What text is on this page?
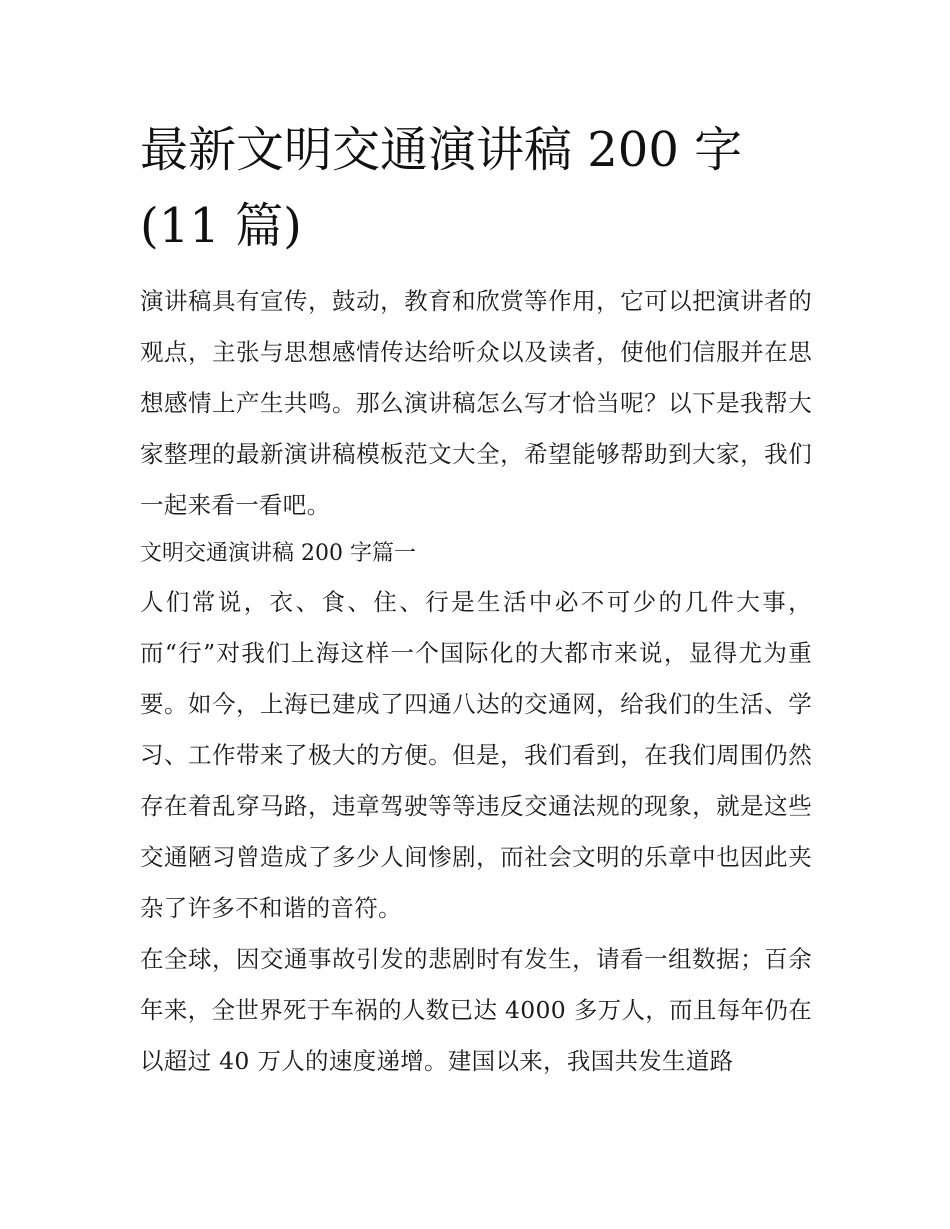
最新文明交通演讲稿 200 字(11 篇)

演讲稿具有宣传，鼓动，教育和欣赏等作用，它可以把演讲者的观点，主张与思想感情传达给听众以及读者，使他们信服并在思想感情上产生共鸣。那么演讲稿怎么写才恰当呢？以下是我帮大家整理的最新演讲稿模板范文大全，希望能够帮助到大家，我们一起来看一看吧。

文明交通演讲稿 200 字篇一

人们常说，衣、食、住、行是生活中必不可少的几件大事，而“行”对我们上海这样一个国际化的大都市来说，显得尤为重要。如今，上海已建成了四通八达的交通网，给我们的生活、学习、工作带来了极大的方便。但是，我们看到，在我们周围仍然存在着乱穿马路，违章驾驶等等违反交通法规的现象，就是这些交通陋习曾造成了多少人间惨剧，而社会文明的乐章中也因此夹杂了许多不和谐的音符。

在全球，因交通事故引发的悲剧时有发生，请看一组数据；百余年来，全世界死于车祸的人数已达 4000 多万人，而且每年仍在以超过 40 万人的速度递增。建国以来，我国共发生道路
